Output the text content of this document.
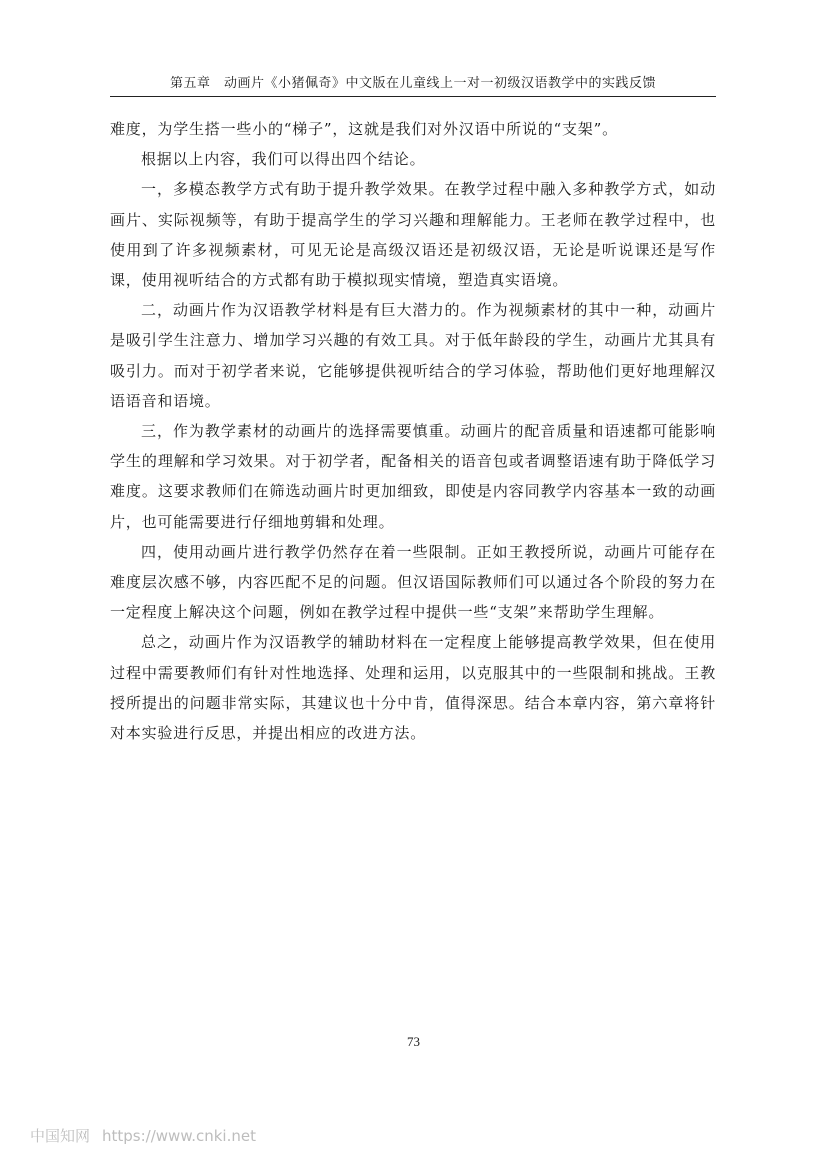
第五章　动画片《小猪佩奇》中文版在儿童线上一对一初级汉语教学中的实践反馈

难度，为学生搭一些小的“梯子”，这就是我们对外汉语中所说的“支架”。

根据以上内容，我们可以得出四个结论。

一，多模态教学方式有助于提升教学效果。在教学过程中融入多种教学方式，如动画片、实际视频等，有助于提高学生的学习兴趣和理解能力。王老师在教学过程中，也使用到了许多视频素材，可见无论是高级汉语还是初级汉语，无论是听说课还是写作课，使用视听结合的方式都有助于模拟现实情境，塑造真实语境。

二，动画片作为汉语教学材料是有巨大潜力的。作为视频素材的其中一种，动画片是吸引学生注意力、增加学习兴趣的有效工具。对于低年龄段的学生，动画片尤其具有吸引力。而对于初学者来说，它能够提供视听结合的学习体验，帮助他们更好地理解汉语语音和语境。

三，作为教学素材的动画片的选择需要慎重。动画片的配音质量和语速都可能影响学生的理解和学习效果。对于初学者，配备相关的语音包或者调整语速有助于降低学习难度。这要求教师们在筛选动画片时更加细致，即使是内容同教学内容基本一致的动画片，也可能需要进行仔细地剪辑和处理。

四，使用动画片进行教学仍然存在着一些限制。正如王教授所说，动画片可能存在难度层次感不够，内容匹配不足的问题。但汉语国际教师们可以通过各个阶段的努力在一定程度上解决这个问题，例如在教学过程中提供一些“支架”来帮助学生理解。

总之，动画片作为汉语教学的辅助材料在一定程度上能够提高教学效果，但在使用过程中需要教师们有针对性地选择、处理和运用，以克服其中的一些限制和挑战。王教授所提出的问题非常实际，其建议也十分中肯，值得深思。结合本章内容，第六章将针对本实验进行反思，并提出相应的改进方法。

73
中国知网 https://www.cnki.net
